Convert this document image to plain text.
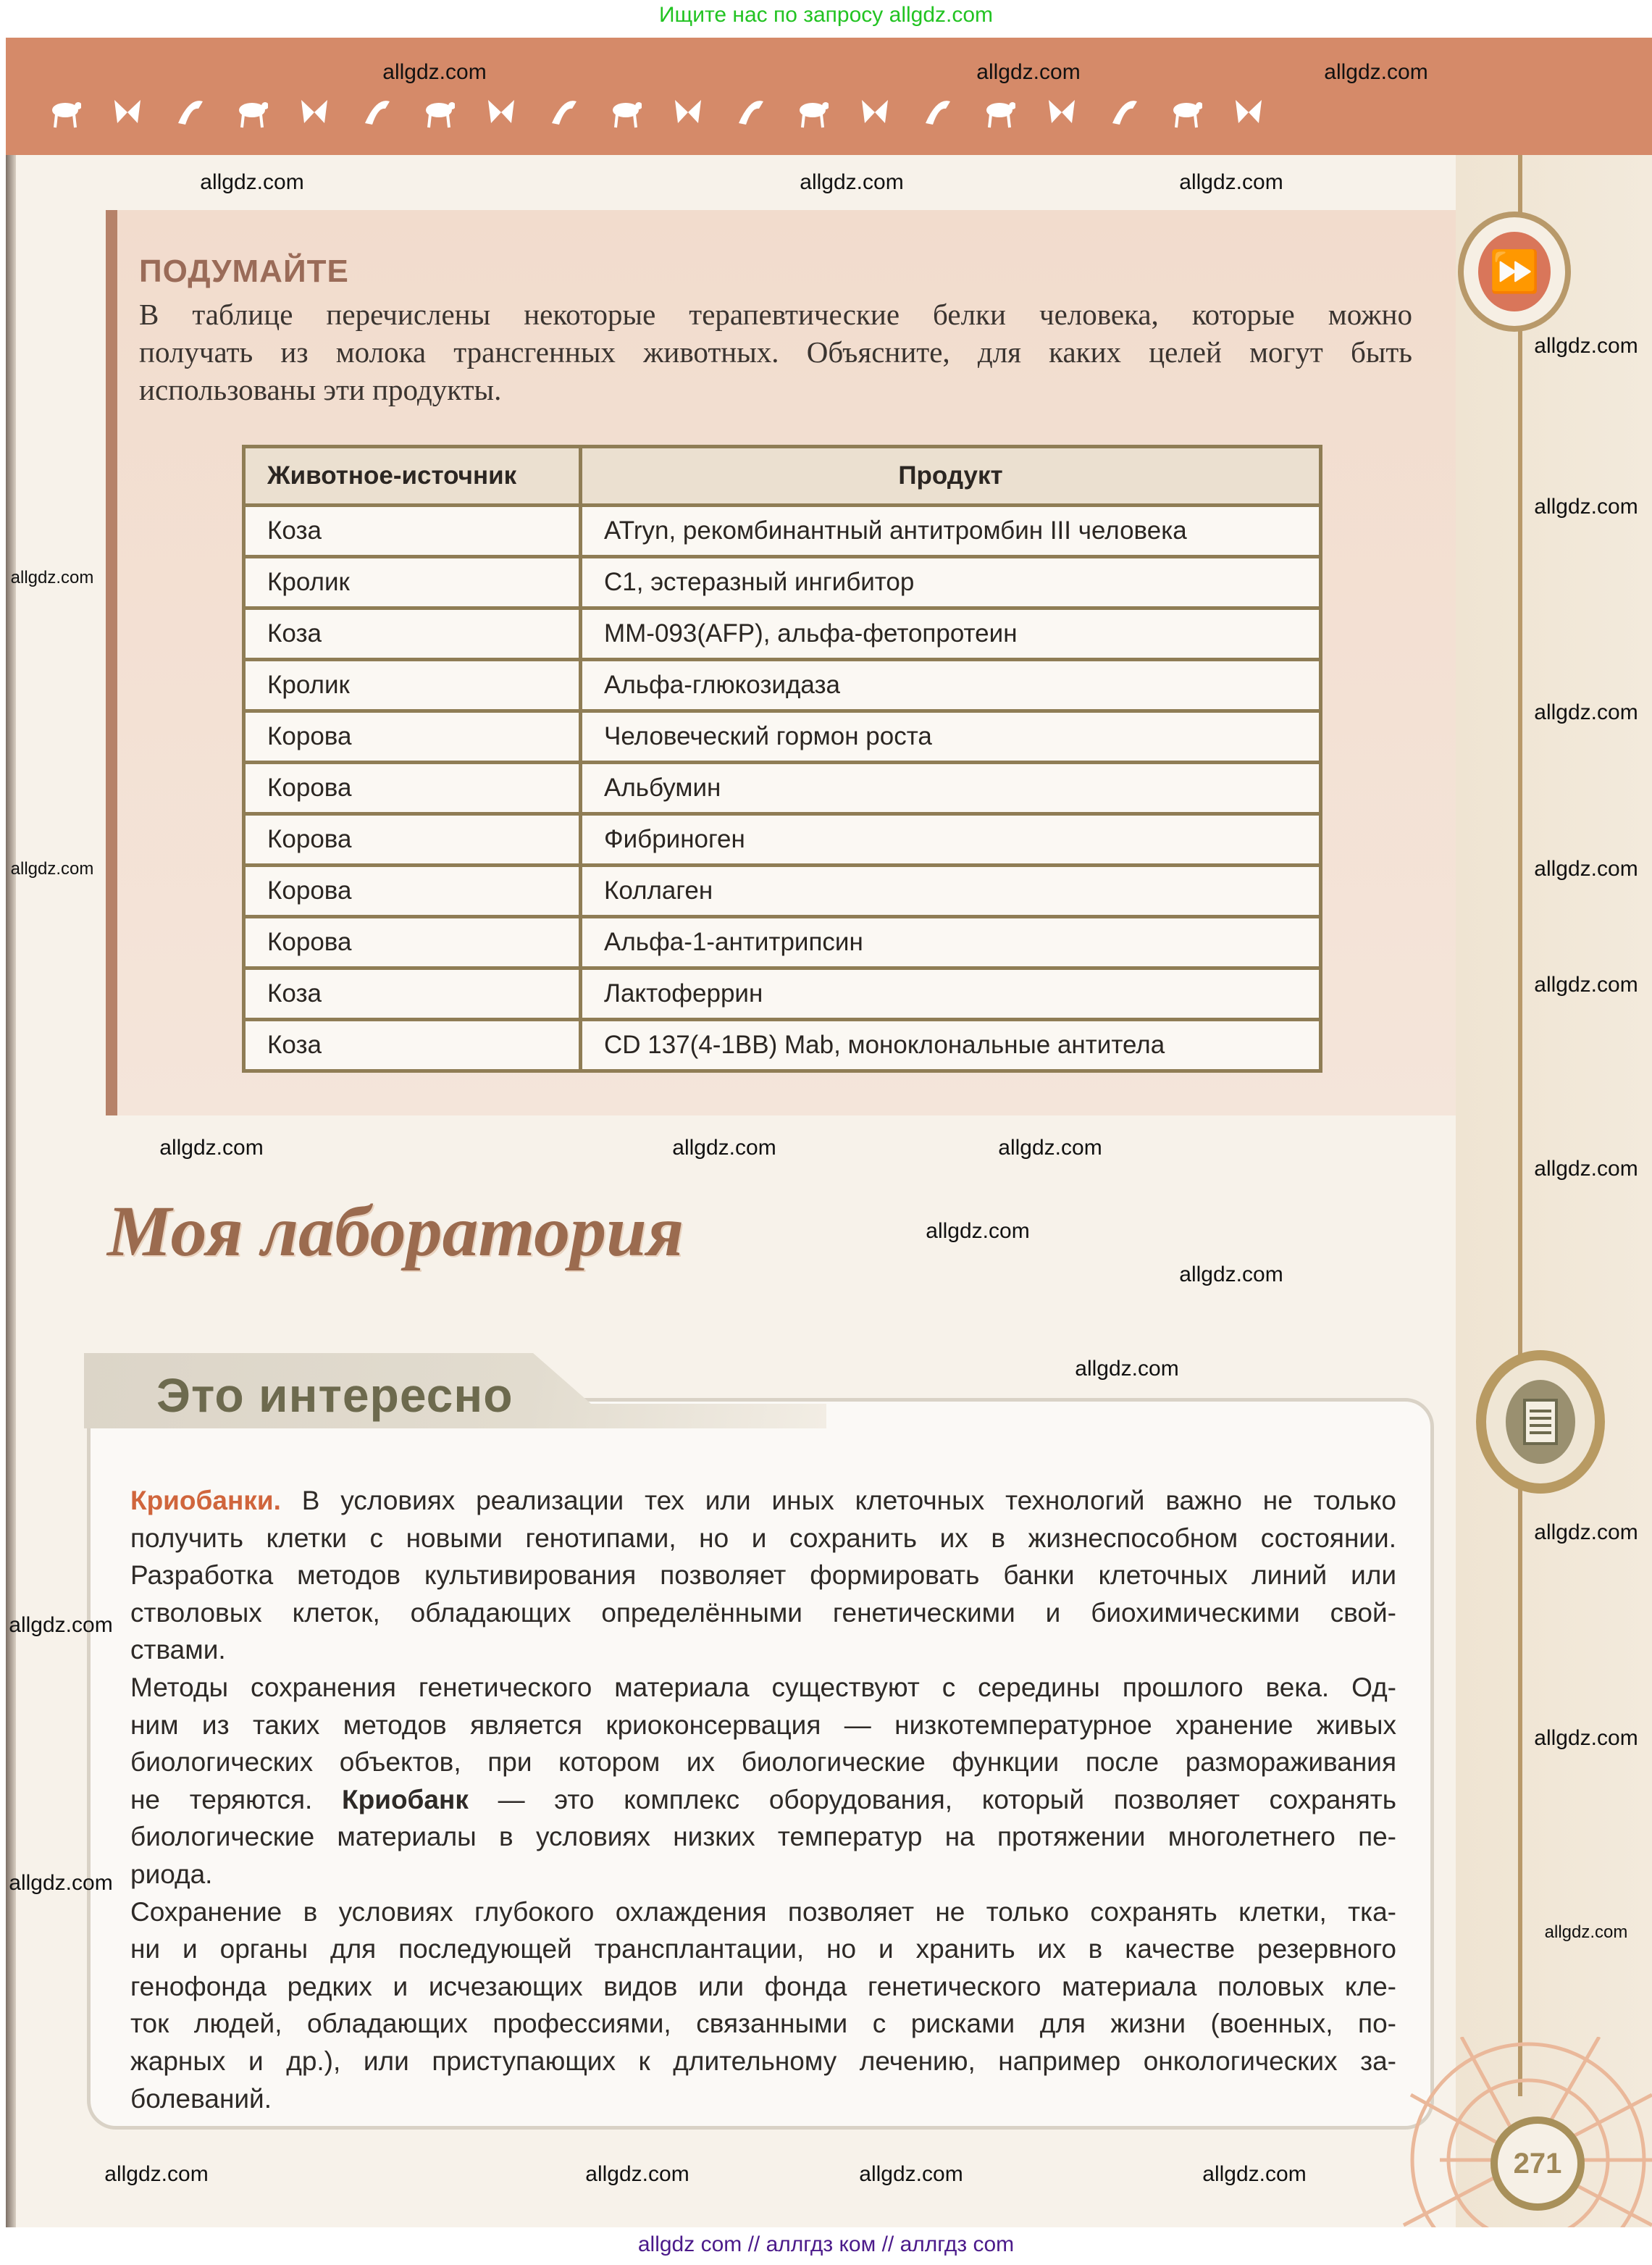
Ищите нас по запросу allgdz.com
⏩
ПОДУМАЙТЕ
В таблице перечислены некоторые терапевтические белки человека, которые можно
получать из молока трансгенных животных. Объясните, для каких целей могут быть
использованы эти продукты.
Животное-источник	Продукт
Коза	ATryn, рекомбинантный антитромбин III человека
Кролик	С1, эстеразный ингибитор
Коза	MM-093(AFP), альфа-фетопротеин
Кролик	Альфа-глюкозидаза
Корова	Человеческий гормон роста
Корова	Альбумин
Корова	Фибриноген
Корова	Коллаген
Корова	Альфа-1-антитрипсин
Коза	Лактоферрин
Коза	CD 137(4-1BB) Mab, моноклональные антитела
Моя лаборатория
Это интересно
Криобанки. В условиях реализации тех или иных клеточных технологий важно не только
получить клетки с новыми генотипами, но и сохранить их в жизнеспособном состоянии.
Разработка методов культивирования позволяет формировать банки клеточных линий или
стволовых клеток, обладающих определёнными генетическими и биохимическими свой-
ствами.
Методы сохранения генетического материала существуют с середины прошлого века. Од-
ним из таких методов является криоконсервация — низкотемпературное хранение живых
биологических объектов, при котором их биологические функции после размораживания
не теряются. Криобанк — это комплекс оборудования, который позволяет сохранять
биологические материалы в условиях низких температур на протяжении многолетнего пе-
риода.
Сохранение в условиях глубокого охлаждения позволяет не только сохранять клетки, тка-
ни и органы для последующей трансплантации, но и хранить их в качестве резервного
генофонда редких и исчезающих видов или фонда генетического материала половых кле-
ток людей, обладающих профессиями, связанными с рисками для жизни (военных, по-
жарных и др.), или приступающих к длительному лечению, например онкологических за-
болеваний.
271
allgdz.com	allgdz.com	allgdz.com
allgdz.com	allgdz.com	allgdz.com
allgdz.com
allgdz.com
allgdz.com
allgdz.com
allgdz.com
allgdz.com
allgdz.com
allgdz.com
allgdz.com
allgdz.com
allgdz.com
allgdz.com	allgdz.com	allgdz.com
allgdz.com
allgdz.com
allgdz.com
allgdz.com
allgdz.com
allgdz.com	allgdz.com	allgdz.com	allgdz.com
allgdz com // аллгдз ком // аллгдз com
